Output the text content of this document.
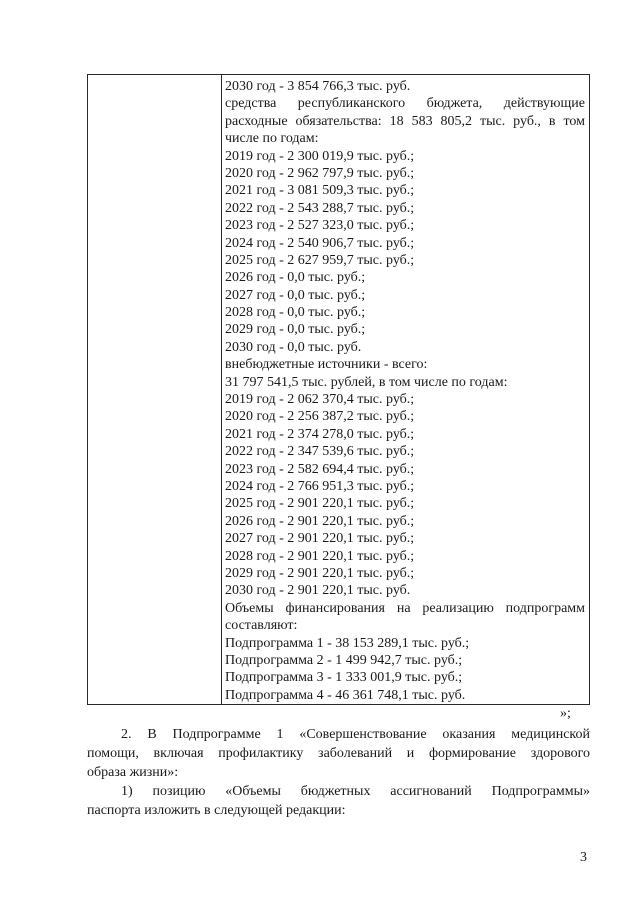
2030 год - 3 854 766,3 тыс. руб.
средства республиканского бюджета, действующие
расходные обязательства: 18 583 805,2 тыс. руб., в том
числе по годам:
2019 год - 2 300 019,9 тыс. руб.;
2020 год - 2 962 797,9 тыс. руб.;
2021 год - 3 081 509,3 тыс. руб.;
2022 год - 2 543 288,7 тыс. руб.;
2023 год - 2 527 323,0 тыс. руб.;
2024 год - 2 540 906,7 тыс. руб.;
2025 год - 2 627 959,7 тыс. руб.;
2026 год - 0,0 тыс. руб.;
2027 год - 0,0 тыс. руб.;
2028 год - 0,0 тыс. руб.;
2029 год - 0,0 тыс. руб.;
2030 год - 0,0 тыс. руб.
внебюджетные источники - всего:
31 797 541,5 тыс. рублей, в том числе по годам:
2019 год - 2 062 370,4 тыс. руб.;
2020 год - 2 256 387,2 тыс. руб.;
2021 год - 2 374 278,0 тыс. руб.;
2022 год - 2 347 539,6 тыс. руб.;
2023 год - 2 582 694,4 тыс. руб.;
2024 год - 2 766 951,3 тыс. руб.;
2025 год - 2 901 220,1 тыс. руб.;
2026 год - 2 901 220,1 тыс. руб.;
2027 год - 2 901 220,1 тыс. руб.;
2028 год - 2 901 220,1 тыс. руб.;
2029 год - 2 901 220,1 тыс. руб.;
2030 год - 2 901 220,1 тыс. руб.
Объемы финансирования на реализацию подпрограмм
составляют:
Подпрограмма 1 - 38 153 289,1 тыс. руб.;
Подпрограмма 2 - 1 499 942,7 тыс. руб.;
Подпрограмма 3 - 1 333 001,9 тыс. руб.;
Подпрограмма 4 - 46 361 748,1 тыс. руб.
»;
2. В Подпрограмме 1 «Совершенствование оказания медицинской
помощи, включая профилактику заболеваний и формирование здорового
образа жизни»:
1) позицию «Объемы бюджетных ассигнований Подпрограммы»
паспорта изложить в следующей редакции:
3
